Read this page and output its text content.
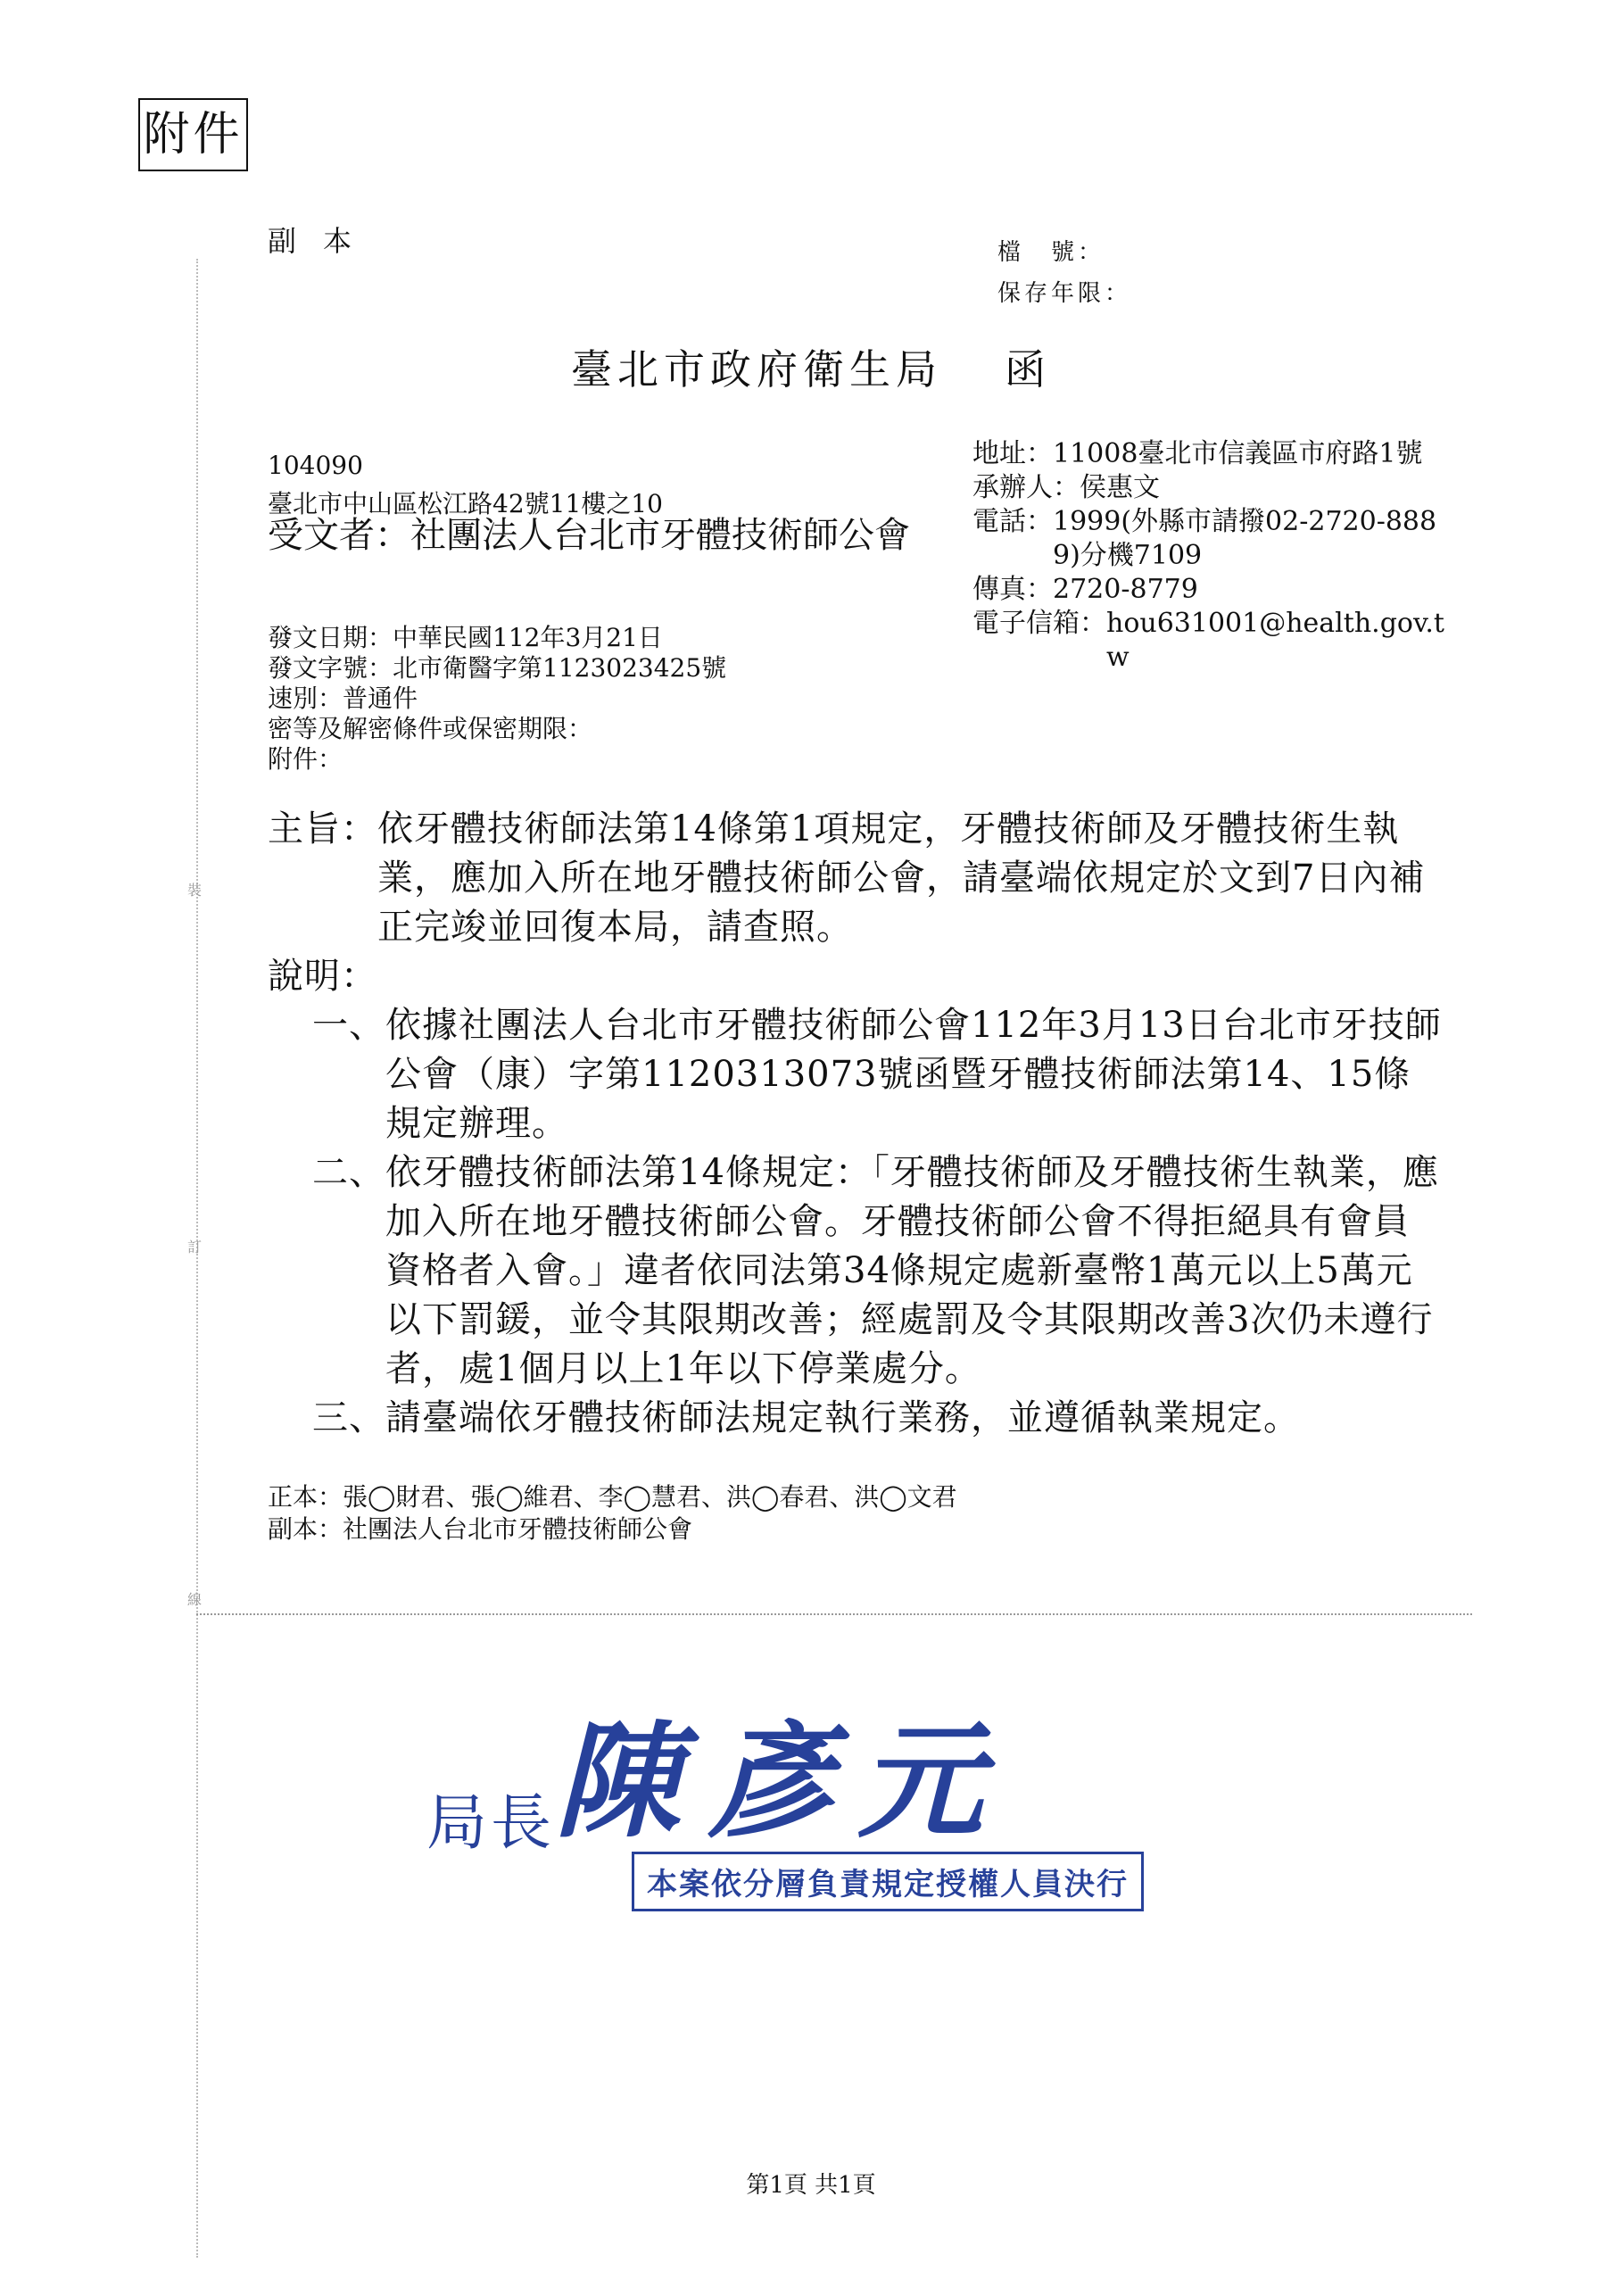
裝
訂
線
附件
副本	檔　號：
保存年限：
臺北市政府衛生局 函
104090
臺北市中山區松江路42號11樓之10
受文者： 社團法人台北市牙體技術師公會
地址： 11008臺北市信義區市府路1號
承辦人： 侯惠文
電話： 1999(外縣市請撥02-2720-8889)分機7109
傳真： 2720-8779
電子信箱： hou631001@health.gov.tw
發文日期：中華民國112年3月21日
發文字號：北市衛醫字第1123023425號
速別：普通件
密等及解密條件或保密期限：
附件：
主旨： 依牙體技術師法第14條第1項規定，牙體技術師及牙體技術生執業，應加入所在地牙體技術師公會，請臺端依規定於文到7日內補正完竣並回復本局，請查照。
說明：
一、 依據社團法人台北市牙體技術師公會112年3月13日台北市牙技師公會（康）字第1120313073號函暨牙體技術師法第14、15條規定辦理。
二、 依牙體技術師法第14條規定：「牙體技術師及牙體技術生執業，應加入所在地牙體技術師公會。牙體技術師公會不得拒絕具有會員資格者入會。」違者依同法第34條規定處新臺幣1萬元以上5萬元以下罰鍰，並令其限期改善；經處罰及令其限期改善3次仍未遵行者，處1個月以上1年以下停業處分。
三、 請臺端依牙體技術師法規定執行業務，並遵循執業規定。
正本：張◯財君、張◯維君、李◯慧君、洪◯春君、洪◯文君
副本：社團法人台北市牙體技術師公會
局長陳彥元
本案依分層負責規定授權人員決行
第1頁 共1頁
